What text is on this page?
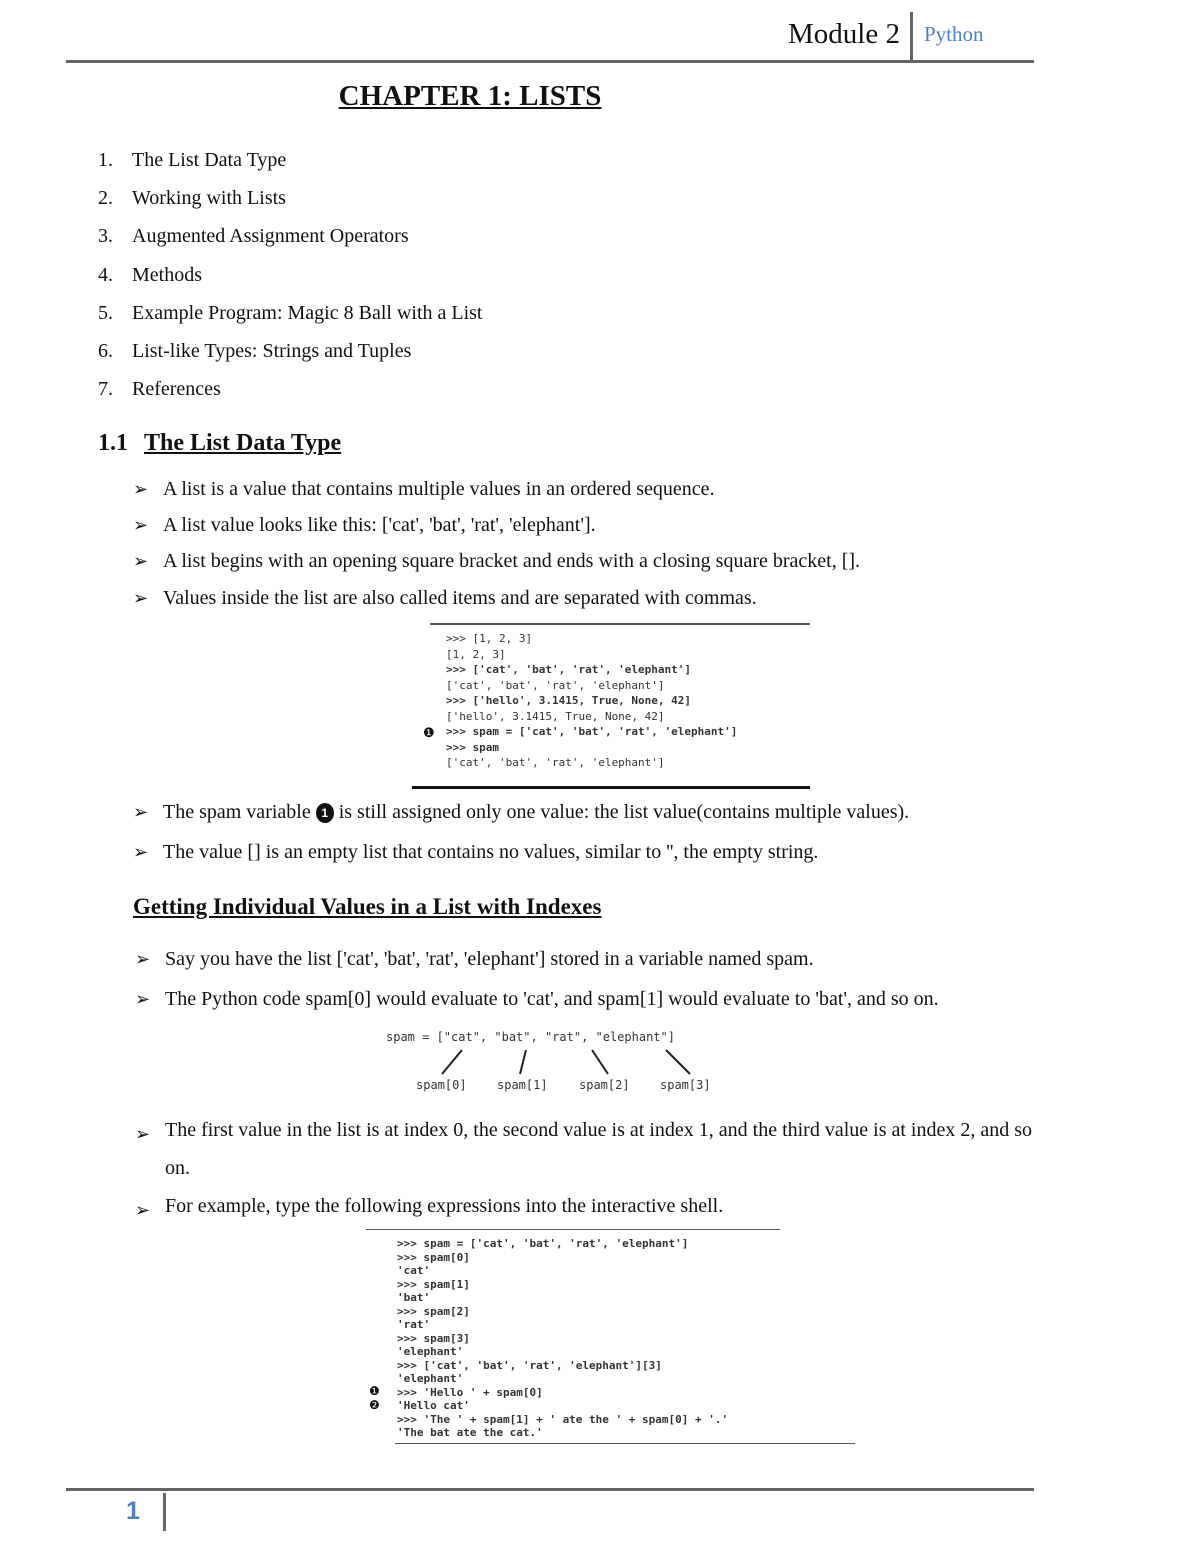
Module 2 Python
CHAPTER 1: LISTS
1. The List Data Type
2. Working with Lists
3. Augmented Assignment Operators
4. Methods
5. Example Program: Magic 8 Ball with a List
6. List-like Types: Strings and Tuples
7. References
1.1 The List Data Type
➢ A list is a value that contains multiple values in an ordered sequence.
➢ A list value looks like this: ['cat', 'bat', 'rat', 'elephant'].
➢ A list begins with an opening square bracket and ends with a closing square bracket, [].
➢ Values inside the list are also called items and are separated with commas.
>>> [1, 2, 3]
[1, 2, 3]
>>> ['cat', 'bat', 'rat', 'elephant']
['cat', 'bat', 'rat', 'elephant']
>>> ['hello', 3.1415, True, None, 42]
['hello', 3.1415, True, None, 42]
>>> spam = ['cat', 'bat', 'rat', 'elephant']
>>> spam
['cat', 'bat', 'rat', 'elephant']
❶
➢ The spam variable 1 is still assigned only one value: the list value(contains multiple values).
➢ The value [] is an empty list that contains no values, similar to '', the empty string.
Getting Individual Values in a List with Indexes
➢ Say you have the list ['cat', 'bat', 'rat', 'elephant'] stored in a variable named spam.
➢ The Python code spam[0] would evaluate to 'cat', and spam[1] would evaluate to 'bat', and so on.
spam = ["cat", "bat", "rat", "elephant"]
spam[0]	spam[1]	spam[2]	spam[3]
➢ The first value in the list is at index 0, the second value is at index 1, and the third value is at index 2, and so on.
➢ For example, type the following expressions into the interactive shell.
>>> spam = ['cat', 'bat', 'rat', 'elephant']
>>> spam[0]
'cat'
>>> spam[1]
'bat'
>>> spam[2]
'rat'
>>> spam[3]
'elephant'
>>> ['cat', 'bat', 'rat', 'elephant'][3]
'elephant'
>>> 'Hello ' + spam[0]
'Hello cat'
>>> 'The ' + spam[1] + ' ate the ' + spam[0] + '.'
'The bat ate the cat.'
❶
❷
1
